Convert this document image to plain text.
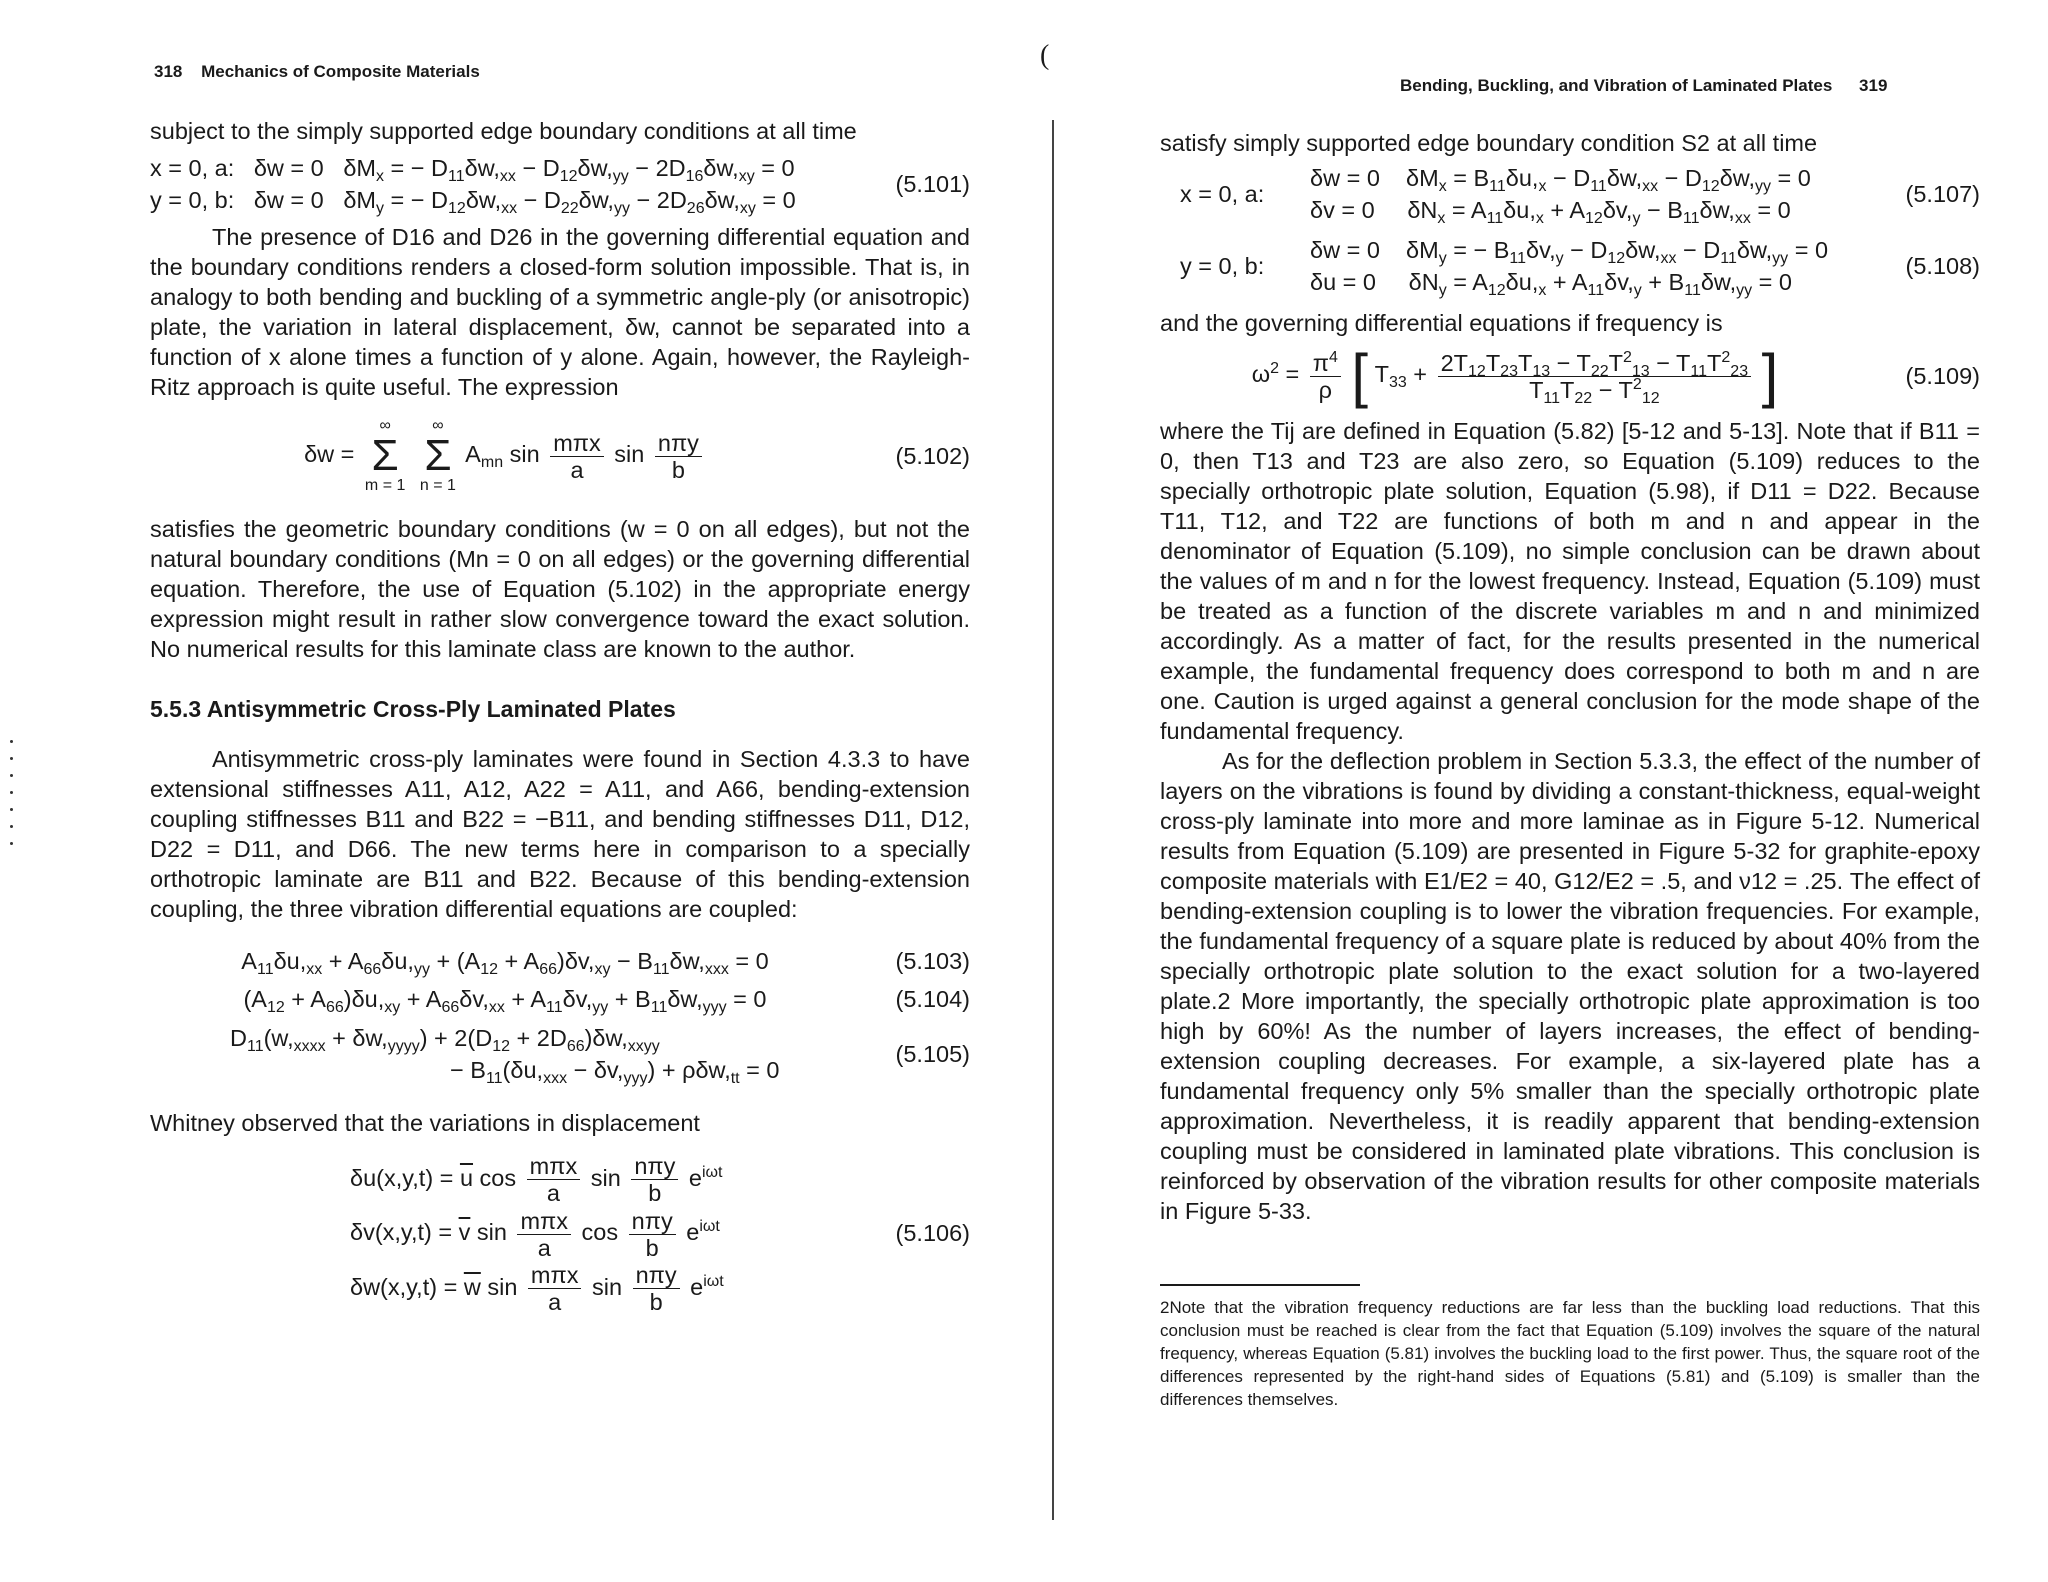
(
318 Mechanics of Composite Materials

subject to the simply supported edge boundary conditions at all time

x = 0, a:   δw = 0   $\delta M_x$ = − $D_{11}\delta w,_{xx} - D_{12}\delta w,_{yy} - 2D_{16}\delta w,_{xy} = 0$
y = 0, b:   δw = 0   $\delta M_y$ = − $D_{12}\delta w,_{xx} - D_{22}\delta w,_{yy} - 2D_{26}\delta w,_{xy} = 0$
(5.101)

The presence of D16 and D26 in the governing differential equation and the boundary conditions renders a closed-form solution impossible. That is, in analogy to both bending and buckling of a symmetric angle-ply (or anisotropic) plate, the variation in lateral displacement, δw, cannot be separated into a function of x alone times a function of y alone. Again, however, the Rayleigh-Ritz approach is quite useful. The expression

δw =
∞
Σ
m = 1

∞
Σ
n = 1
$A_{mn}$ $\sin \frac{\text{mπx}}{a}$ $\sin \frac{\text{nπy}}{b}$	(5.102)

satisfies the geometric boundary conditions (w = 0 on all edges), but not the natural boundary conditions (Mn = 0 on all edges) or the governing differential equation. Therefore, the use of Equation (5.102) in the appropriate energy expression might result in rather slow convergence toward the exact solution. No numerical results for this laminate class are known to the author.

5.5.3 Antisymmetric Cross-Ply Laminated Plates

Antisymmetric cross-ply laminates were found in Section 4.3.3 to have extensional stiffnesses A11, A12, A22 = A11, and A66, bending-extension coupling stiffnesses B11 and B22 = −B11, and bending stiffnesses D11, D12, D22 = D11, and D66. The new terms here in comparison to a specially orthotropic laminate are B11 and B22. Because of this bending-extension coupling, the three vibration differential equations are coupled:

$A_{11}\delta u,_{xx} + A_{66}\delta u,_{yy} + (A_{12} + A_{66})\delta v,_{xy} - B_{11}\delta w,_{xxx} = 0$	(5.103)
$(A_{12} + A_{66})\delta u,_{xy} + A_{66}\delta v,_{xx} + A_{11}\delta v,_{yy} + B_{11}\delta w,_{yyy} = 0$	(5.104)
$D_{11}(w,_{xxxx} + \delta w,_{yyyy}) + 2(D_{12} + 2D_{66})\delta w,_{xxyy}$
− $B_{11}(\delta u,_{xxx} - \delta v,_{yyy}) + \rho\delta w,_{tt} = 0$
(5.105)

Whitney observed that the variations in displacement

$\delta u(x,y,t) = \overline{u}$ $\cos \frac{\text{mπx}}{a}$ $\sin \frac{\text{nπy}}{b} e^{i\omega t}$
$\delta v(x,y,t) = \overline{v}$ $\sin \frac{\text{mπx}}{a}$ $\cos \frac{\text{nπy}}{b} e^{i\omega t}$
$\delta w(x,y,t) = \overline{w}$ $\sin \frac{\text{mπx}}{a}$ $\sin \frac{\text{nπy}}{b} e^{i\omega t}$
(5.106)
Bending, Buckling, and Vibration of Laminated Plates 319

satisfy simply supported edge boundary condition S2 at all time

x = 0, a:
δw = 0    $\delta M_x = B_{11}\delta u,_x - D_{11}\delta w,_{xx} - D_{12}\delta w,_{yy} = 0$
δv = 0     $\delta N_x = A_{11}\delta u,_x + A_{12}\delta v,_y - B_{11}\delta w,_{xx} = 0$
(5.107)
y = 0, b:
δw = 0    $\delta M_y$ = − $B_{11}\delta v,_y - D_{12}\delta w,_{xx} - D_{11}\delta w,_{yy} = 0$
δu = 0     $\delta N_y = A_{12}\delta u,_x + A_{11}\delta v,_y + B_{11}\delta w,_{yy} = 0$
(5.108)

and the governing differential equations if frequency is

$\omega^2 = \frac{\pi^4}{\rho}$ [ $T_{33} + \frac{2T_{12}T_{23}T_{13} - T_{22}T^2_{13} - T_{11}T^2_{23}}{T_{11}T_{22} - T^2_{12}}$ ]	(5.109)

where the Tij are defined in Equation (5.82) [5-12 and 5-13]. Note that if B11 = 0, then T13 and T23 are also zero, so Equation (5.109) reduces to the specially orthotropic plate solution, Equation (5.98), if D11 = D22. Because T11, T12, and T22 are functions of both m and n and appear in the denominator of Equation (5.109), no simple conclusion can be drawn about the values of m and n for the lowest frequency. Instead, Equation (5.109) must be treated as a function of the discrete variables m and n and minimized accordingly. As a matter of fact, for the results presented in the numerical example, the fundamental frequency does correspond to both m and n are one. Caution is urged against a general conclusion for the mode shape of the fundamental frequency.

As for the deflection problem in Section 5.3.3, the effect of the number of layers on the vibrations is found by dividing a constant-thickness, equal-weight cross-ply laminate into more and more laminae as in Figure 5-12. Numerical results from Equation (5.109) are presented in Figure 5-32 for graphite-epoxy composite materials with E1/E2 = 40, G12/E2 = .5, and ν12 = .25. The effect of bending-extension coupling is to lower the vibration frequencies. For example, the fundamental frequency of a square plate is reduced by about 40% from the specially orthotropic plate solution to the exact solution for a two-layered plate.2 More importantly, the specially orthotropic plate approximation is too high by 60%! As the number of layers increases, the effect of bending-extension coupling decreases. For example, a six-layered plate has a fundamental frequency only 5% smaller than the specially orthotropic plate approximation. Nevertheless, it is readily apparent that bending-extension coupling must be considered in laminated plate vibrations. This conclusion is reinforced by observation of the vibration results for other composite materials in Figure 5-33.

2Note that the vibration frequency reductions are far less than the buckling load reductions. That this conclusion must be reached is clear from the fact that Equation (5.109) involves the square of the natural frequency, whereas Equation (5.81) involves the buckling load to the first power. Thus, the square root of the differences represented by the right-hand sides of Equations (5.81) and (5.109) is smaller than the differences themselves.
